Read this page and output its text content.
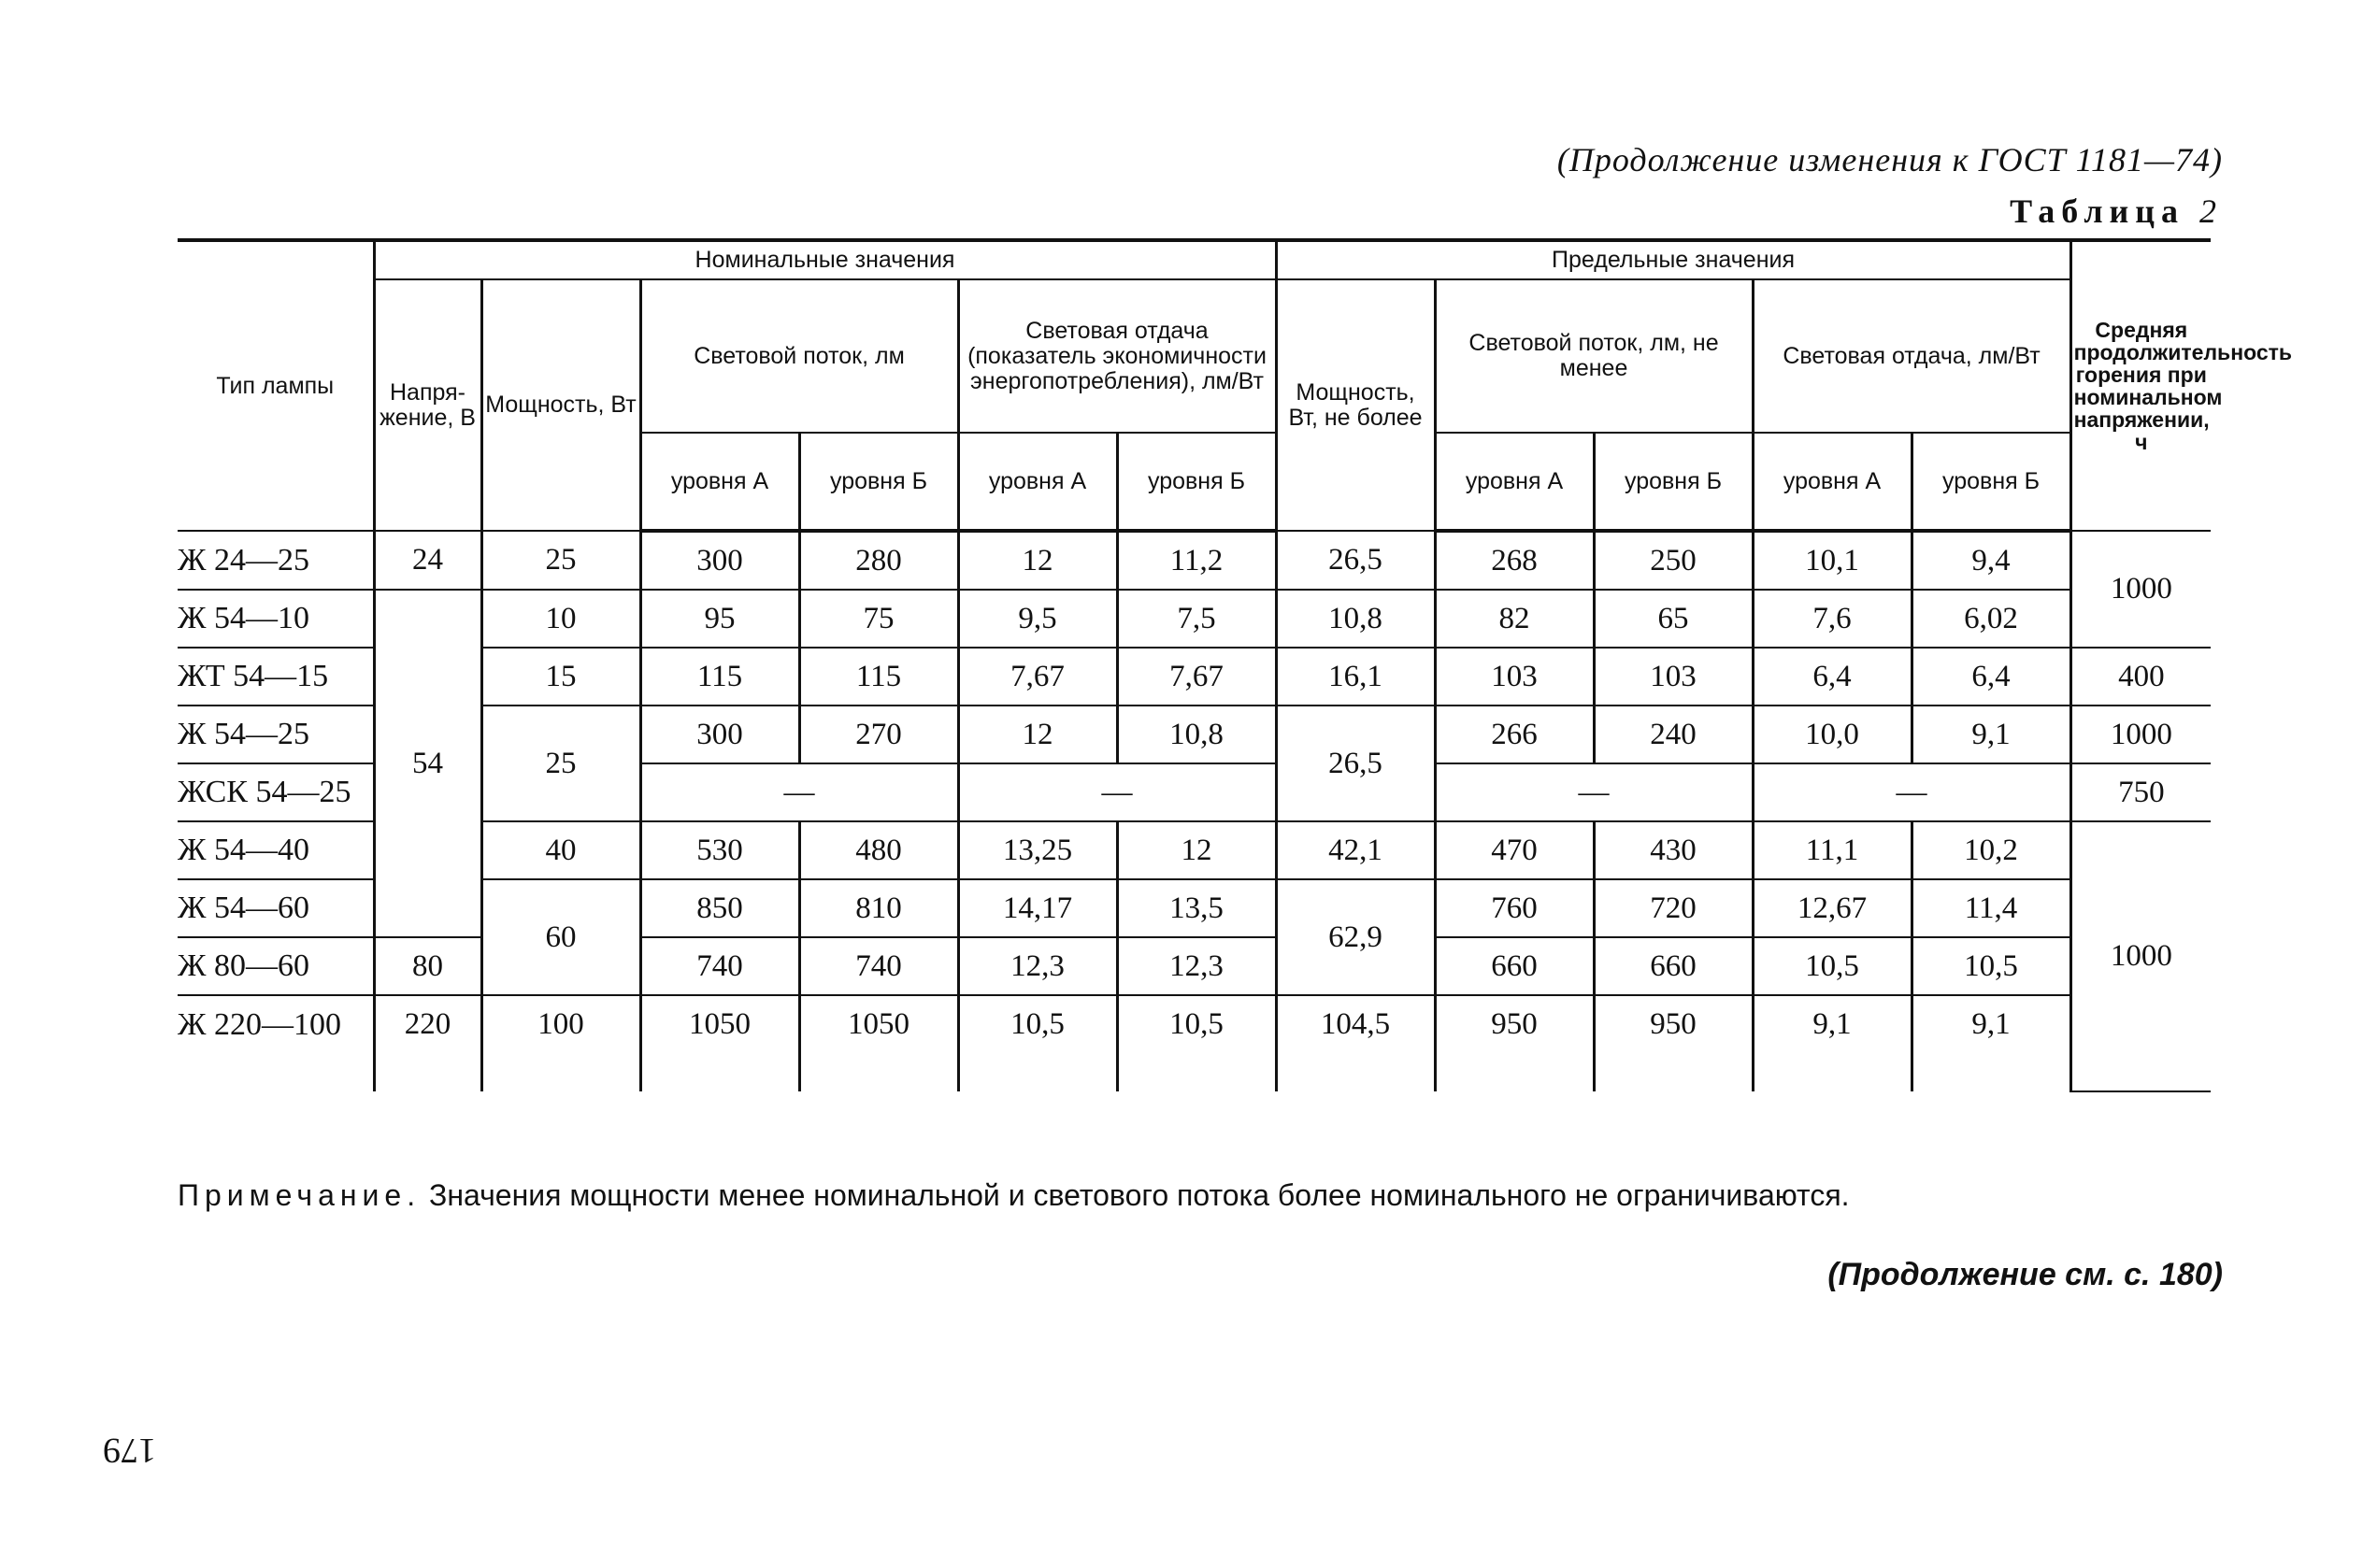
(Продолжение изменения к ГОСТ 1181—74)
Таблица 2
Тип лампы	Номинальные значения						Предельные значения					Средняя продолжительность горения при номинальном напряжении, ч
	Напря-жение, В	Мощность, Вт	Световой поток, лм		Световая отдача (показатель экономичности энергопотребления), лм/Вт		Мощность, Вт, не более	Световой поток, лм, не менее		Световая отдача, лм/Вт		
			уровня А	уровня Б	уровня А	уровня Б		уровня А	уровня Б	уровня А	уровня Б	
Ж 24—25	24	25	300	280	12	11,2	26,5	268	250	10,1	9,4	1000
Ж 54—10	54	10	95	75	9,5	7,5	10,8	82	65	7,6	6,02	
ЖТ 54—15		15	115	115	7,67	7,67	16,1	103	103	6,4	6,4	400
Ж 54—25		25	300	270	12	10,8	26,5	266	240	10,0	9,1	1000
ЖСК 54—25			—		—			—		—		750
Ж 54—40		40	530	480	13,25	12	42,1	470	430	11,1	10,2	1000
Ж 54—60		60	850	810	14,17	13,5	62,9	760	720	12,67	11,4	
Ж 80—60	80		740	740	12,3	12,3		660	660	10,5	10,5	
Ж 220—100	220	100	1050	1050	10,5	10,5	104,5	950	950	9,1	9,1	
Примечание. Значения мощности менее номинальной и светового потока более номинального не ограничиваются.
(Продолжение см. с. 180)
179
